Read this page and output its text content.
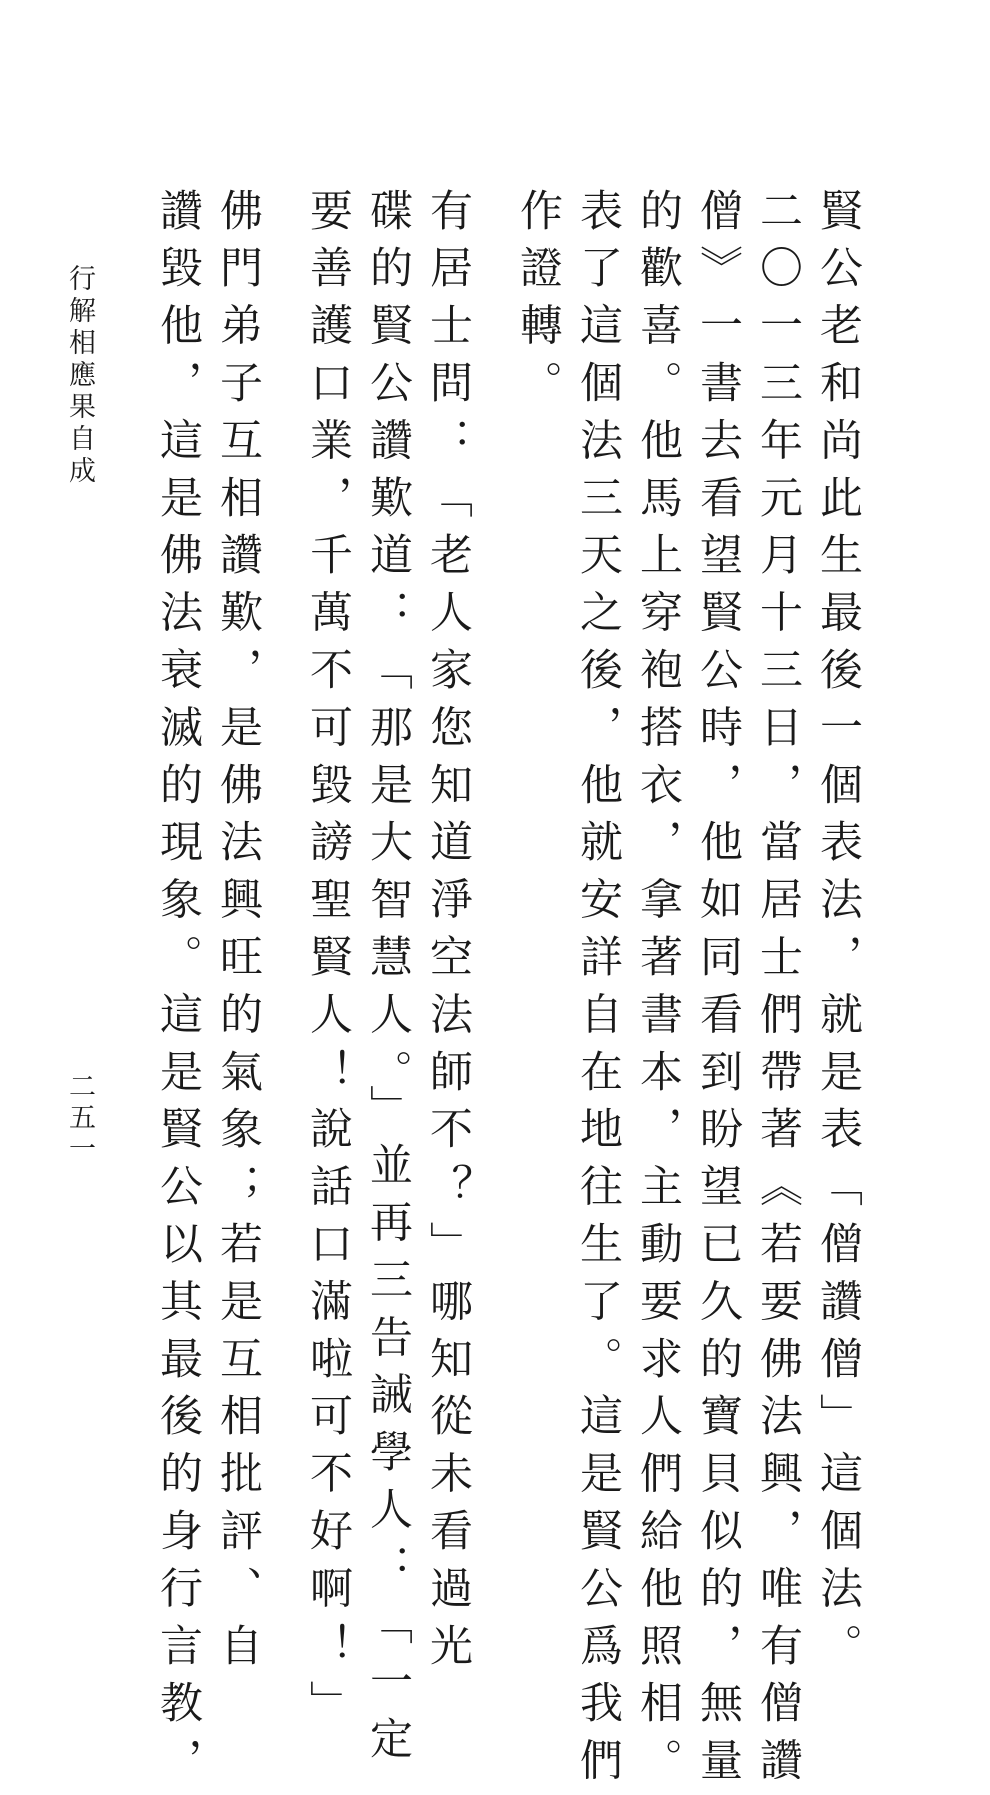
賢公老和尚此生最後一個表法，就是表「僧讚僧」這個法。

二〇一三年元月十三日，當居士們帶著《若要佛法興，唯有僧讚

僧》一書去看望賢公時，他如同看到盼望已久的寶貝似的，無量

的歡喜。他馬上穿袍搭衣，拿著書本，主動要求人們給他照相。

表了這個法三天之後，他就安詳自在地往生了。這是賢公爲我們

作證轉。

有居士問：「老人家您知道淨空法師不？」哪知從未看過光

碟的賢公讚歎道：「那是大智慧人。」並再三告誡學人：「一定

要善護口業，千萬不可毀謗聖賢人！說話口滿啦可不好啊！」

佛門弟子互相讚歎，是佛法興旺的氣象；若是互相批評、自

讚毀他，這是佛法衰滅的現象。這是賢公以其最後的身行言教，

行解相應果自成

二五一
